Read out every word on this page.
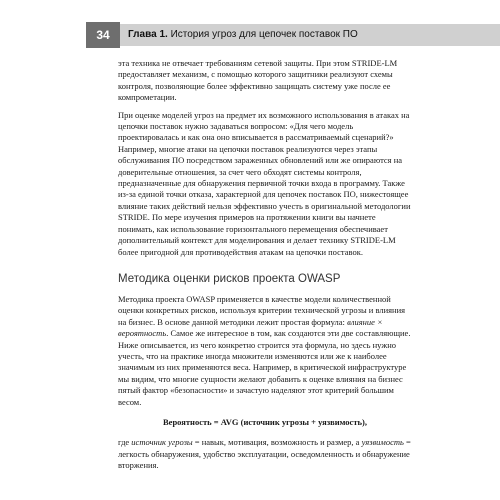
34	Глава 1. История угроз для цепочек поставок ПО

эта техника не отвечает требованиям сетевой защиты. При этом STRIDE-LM предоставляет механизм, с помощью которого защитники реализуют схемы контроля, позволяющие более эффективно защищать систему уже после ее компрометации.

При оценке моделей угроз на предмет их возможного использования в атаках на цепочки поставок нужно задаваться вопросом: «Для чего модель проектировалась и как она оно вписывается в рассматриваемый сценарий?» Например, многие атаки на цепочки поставок реализуются через этапы обслуживания ПО посредством зараженных обновлений или же опираются на доверительные отношения, за счет чего обходят системы контроля, предназначенные для обнаружения первичной точки входа в программу. Также из-за единой точки отказа, характерной для цепочек поставок ПО, нижестоящее влияние таких действий нельзя эффективно учесть в оригинальной методологии STRIDE. По мере изучения примеров на протяжении книги вы начнете понимать, как использование горизонтального перемещения обеспечивает дополнительный контекст для моделирования и делает технику STRIDE-LM более пригодной для противодействия атакам на цепочки поставок.

Методика оценки рисков проекта OWASP

Методика проекта OWASP применяется в качестве модели количественной оценки конкретных рисков, используя критерии технической угрозы и влияния на бизнес. В основе данной методики лежит простая формула: влияние × вероятность. Самое же интересное в том, как создаются эти две составляющие. Ниже описывается, из чего конкретно строится эта формула, но здесь нужно учесть, что на практике иногда множители изменяются или же к наиболее значимым из них применяются веса. Например, в критической инфраструктуре мы видим, что многие сущности желают добавить к оценке влияния на бизнес пятый фактор «безопасности» и зачастую наделяют этот критерий большим весом.

Вероятность = AVG (источник угрозы + уязвимость),

где источник угрозы = навык, мотивация, возможность и размер, а уязвимость = легкость обнаружения, удобство эксплуатации, осведомленность и обнаружение вторжения.
